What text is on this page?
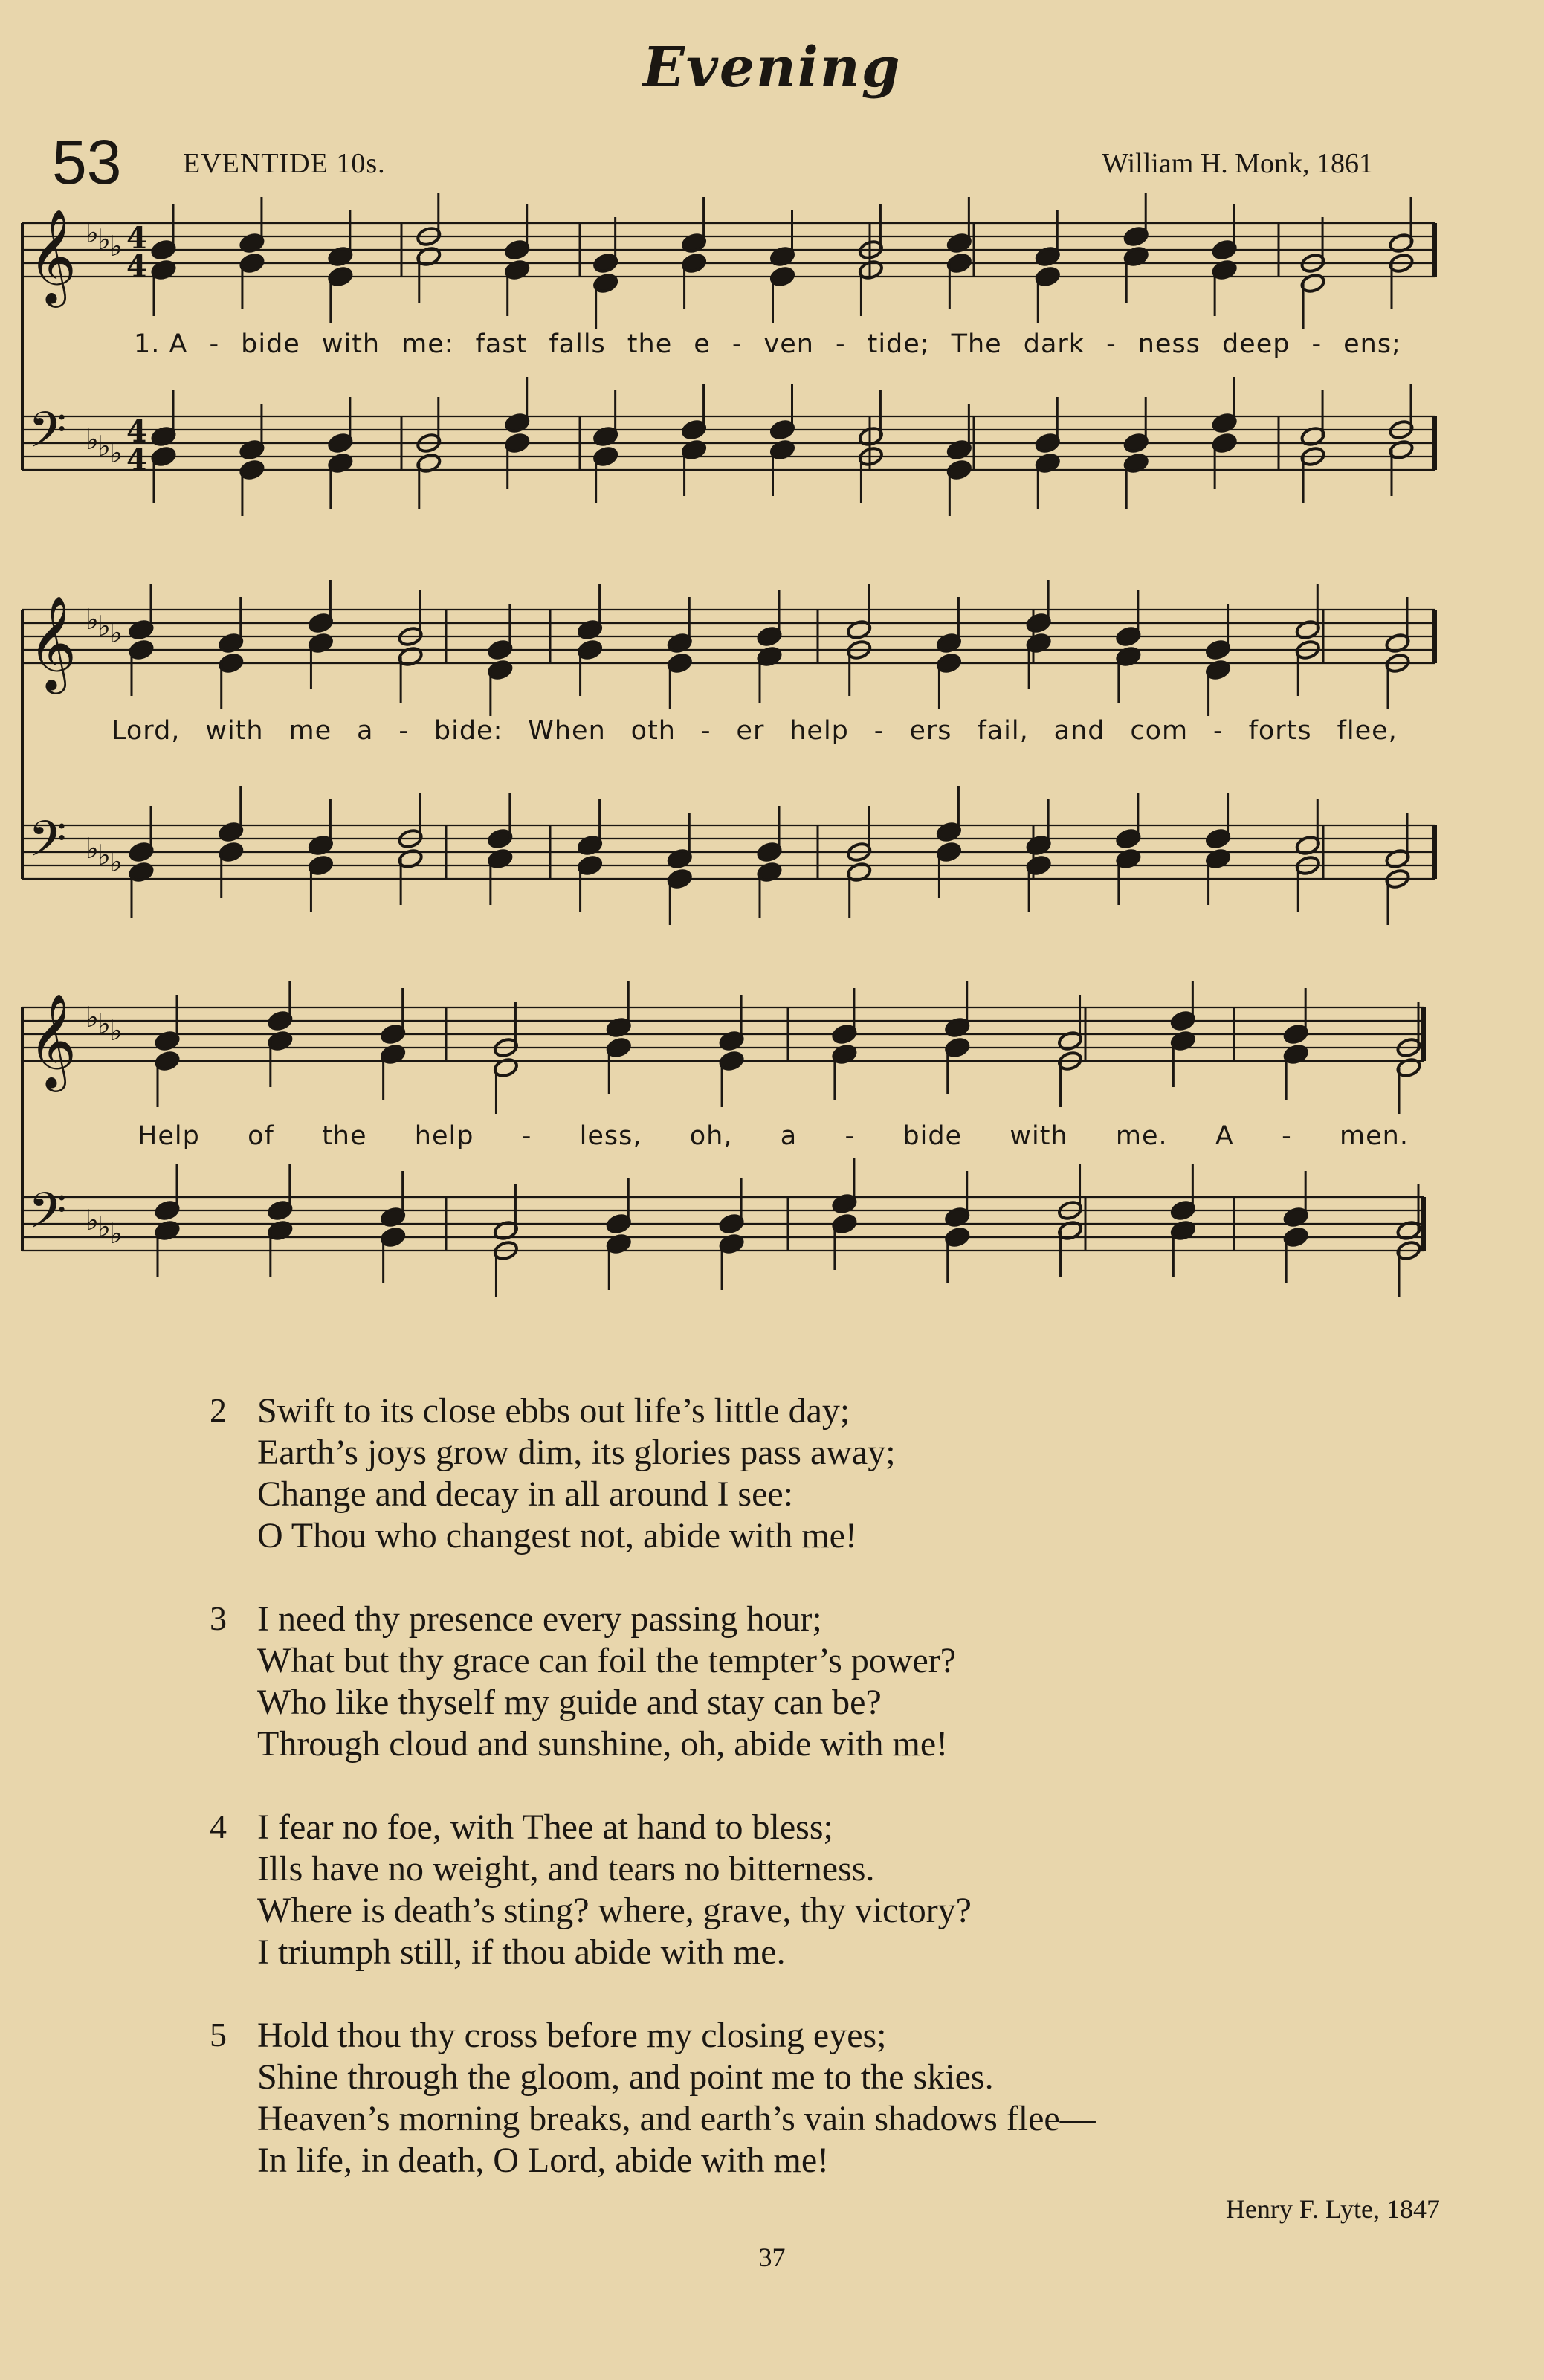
Evening
53 EVENTIDE 10s.	William H. Monk, 1861
𝄞 ♭
♭
♭ 4
4
𝄢 ♭
♭
♭
4
4
𝄞 ♭
♭
♭
𝄢 ♭
♭
♭
𝄞 ♭
♭
♭
𝄢 ♭
♭
♭
2 Swift to its close ebbs out life’s little day;
Earth’s joys grow dim, its glories pass away;
Change and decay in all around I see:
O Thou who changest not, abide with me!
3 I need thy presence every passing hour;
What but thy grace can foil the tempter’s power?
Who like thyself my guide and stay can be?
Through cloud and sunshine, oh, abide with me!
4 I fear no foe, with Thee at hand to bless;
Ills have no weight, and tears no bitterness.
Where is death’s sting? where, grave, thy victory?
I triumph still, if thou abide with me.
5 Hold thou thy cross before my closing eyes;
Shine through the gloom, and point me to the skies.
Heaven’s morning breaks, and earth’s vain shadows flee—
In life, in death, O Lord, abide with me!
Henry F. Lyte, 1847
37
1. A - bide with me: fast falls the e - ven - tide; The dark - ness deep - ens;
Lord, with me a - bide: When oth - er help - ers fail, and com - forts flee,
Help of the help - less, oh, a - bide with me. A - men.
